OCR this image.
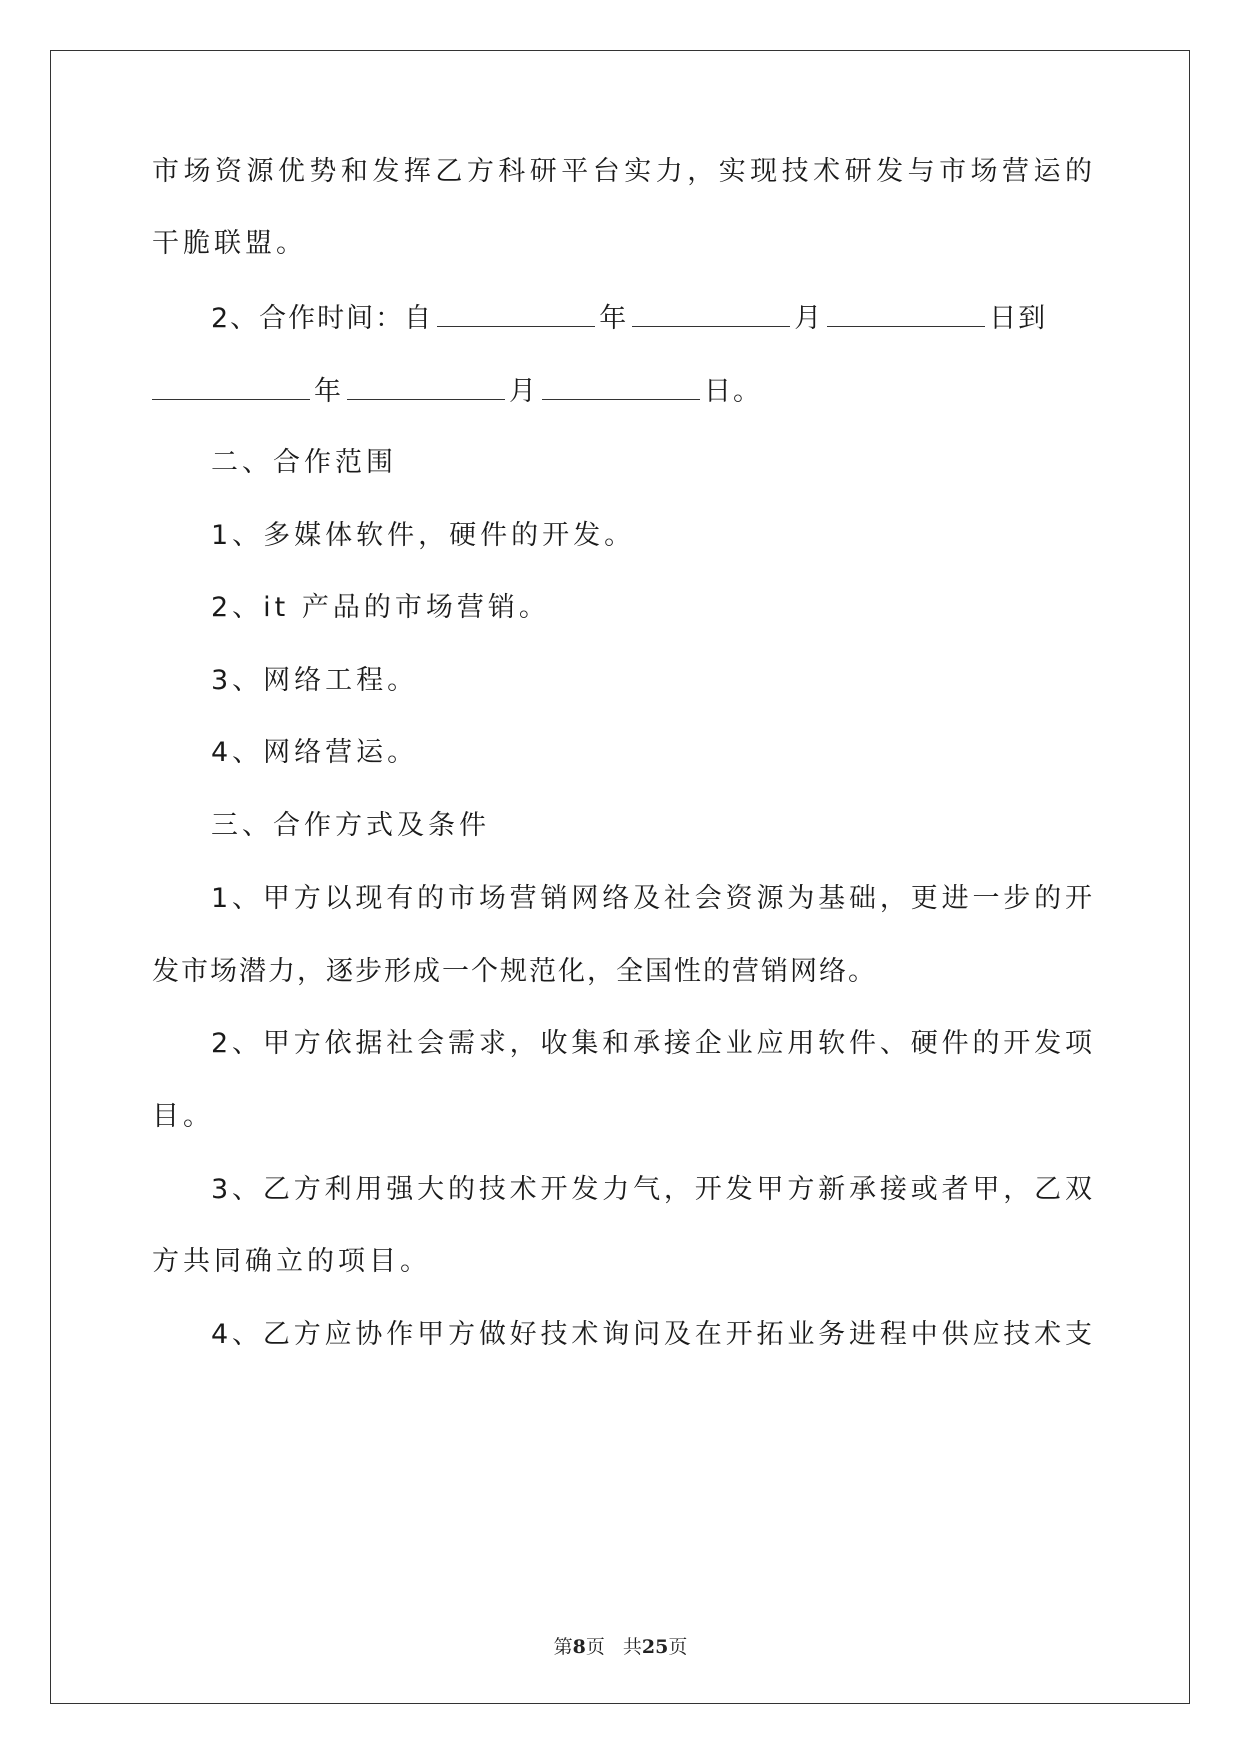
市场资源优势和发挥乙方科研平台实力，实现技术研发与市场营运的
干脆联盟。
2、合作时间：自	年	月	日到
年	月	日。
二、合作范围
1、多媒体软件，硬件的开发。
2、it 产品的市场营销。
3、网络工程。
4、网络营运。
三、合作方式及条件
1、甲方以现有的市场营销网络及社会资源为基础，更进一步的开
发市场潜力，逐步形成一个规范化，全国性的营销网络。
2、甲方依据社会需求，收集和承接企业应用软件、硬件的开发项
目。
3、乙方利用强大的技术开发力气，开发甲方新承接或者甲，乙双
方共同确立的项目。
4、乙方应协作甲方做好技术询问及在开拓业务进程中供应技术支
第8页 共25页
